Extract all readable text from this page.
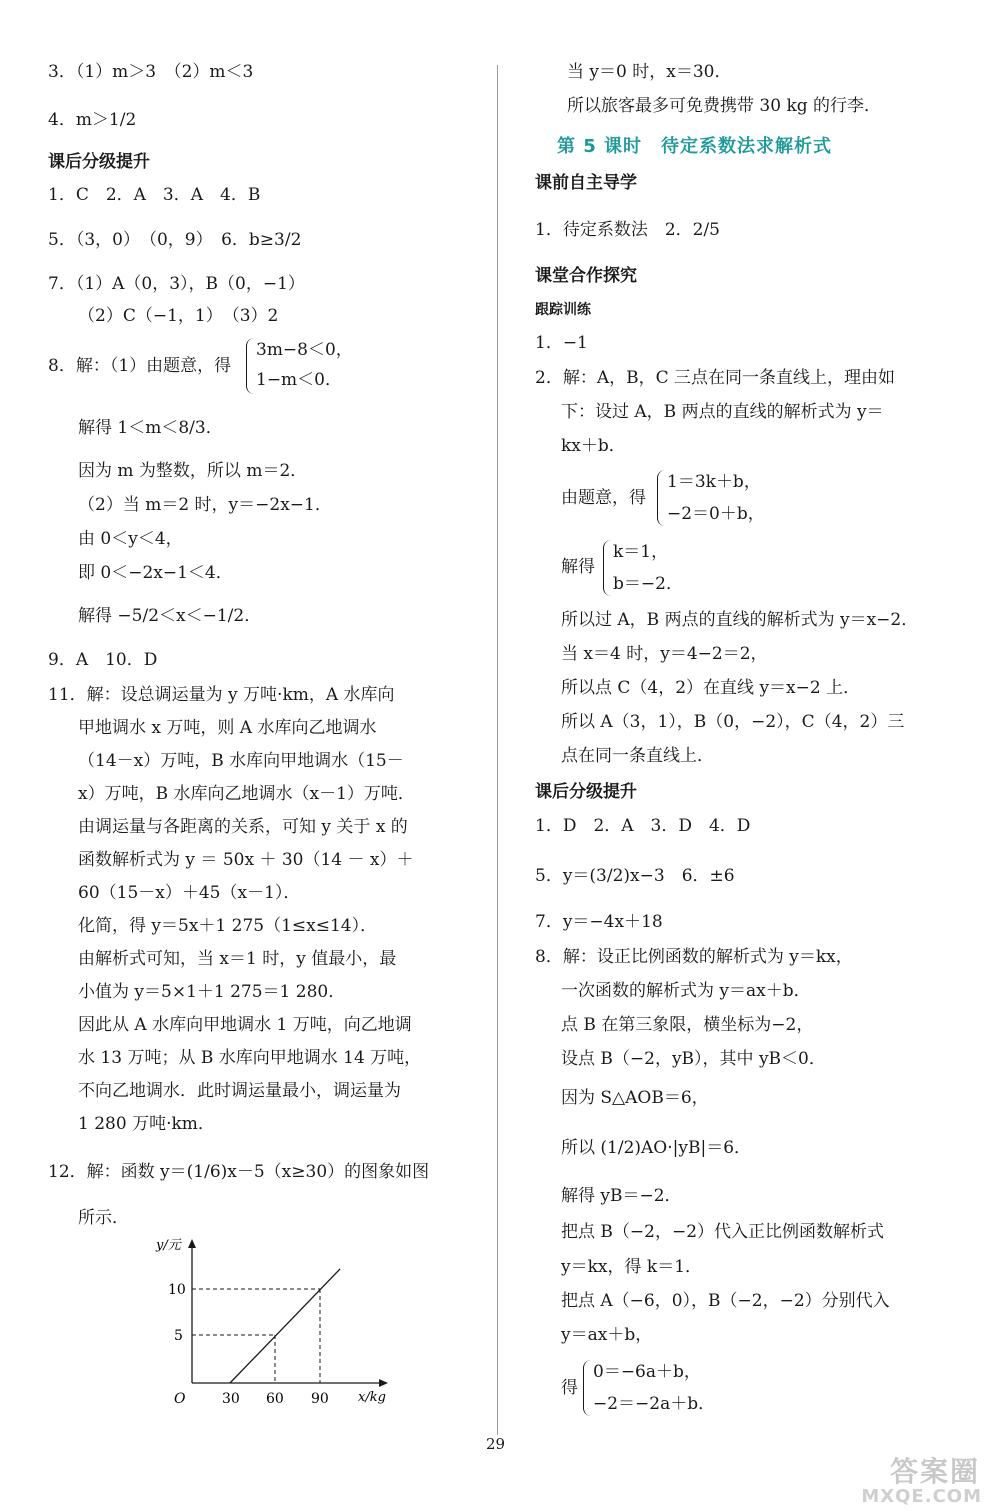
3．（1）m＞3　（2）m＜3
4．m＞1/2
课后分级提升
1．C　2．A　3．A　4．B
5．（3，0）　（0，9）　6．b≥3/2
7．（1）A（0，3），B（0，−1）
（2）C（−1，1）　（3）2
8．解：（1）由题意，得
3m−8＜0，
1−m＜0．
解得 1＜m＜8/3．
因为 m 为整数，所以 m＝2．
（2）当 m＝2 时，y＝−2x−1．
由 0＜y＜4，
即 0＜−2x−1＜4．
解得 −5/2＜x＜−1/2．
9．A　10．D
11．解：设总调运量为 y 万吨·km，A 水库向
甲地调水 x 万吨，则 A 水库向乙地调水
（14－x）万吨，B 水库向甲地调水（15－
x）万吨，B 水库向乙地调水（x－1）万吨．
由调运量与各距离的关系，可知 y 关于 x 的
函数解析式为 y ＝ 50x ＋ 30（14 － x）＋
60（15－x）＋45（x－1）．
化简，得 y＝5x＋1 275（1≤x≤14）．
由解析式可知，当 x＝1 时，y 值最小，最
小值为 y＝5×1＋1 275＝1 280．
因此从 A 水库向甲地调水 1 万吨，向乙地调
水 13 万吨；从 B 水库向甲地调水 14 万吨，
不向乙地调水．此时调运量最小，调运量为
1 280 万吨·km．
12．解：函数 y＝(1/6)x－5（x≥30）的图象如图
所示．
y/元
x/kg
O
10
5
30 60 90
当 y＝0 时，x＝30．
所以旅客最多可免费携带 30 kg 的行李．
第 5 课时　待定系数法求解析式
课前自主导学
1．待定系数法　2．2/5
课堂合作探究
跟踪训练
1．−1
2．解：A，B，C 三点在同一条直线上，理由如
下：设过 A，B 两点的直线的解析式为 y＝
kx＋b．
由题意，得
1＝3k＋b，
−2＝0＋b，
解得
k＝1，
b＝−2．
所以过 A，B 两点的直线的解析式为 y＝x−2．
当 x＝4 时，y＝4−2＝2，
所以点 C（4，2）在直线 y＝x−2 上．
所以 A（3，1），B（0，−2），C（4，2）三
点在同一条直线上．
课后分级提升
1．D　2．A　3．D　4．D
5．y＝(3/2)x−3　6．±6
7．y＝−4x＋18
8．解：设正比例函数的解析式为 y＝kx，
一次函数的解析式为 y＝ax＋b．
点 B 在第三象限，横坐标为−2，
设点 B（−2，yB），其中 yB＜0．
因为 S△AOB＝6，
所以 (1/2)AO·|yB|＝6．
解得 yB＝−2．
把点 B（−2，−2）代入正比例函数解析式
y＝kx，得 k＝1．
把点 A（−6，0），B（−2，−2）分别代入
y＝ax＋b，
得
0＝−6a＋b，
−2＝−2a＋b．
29
答案圈
MXQE.COM
